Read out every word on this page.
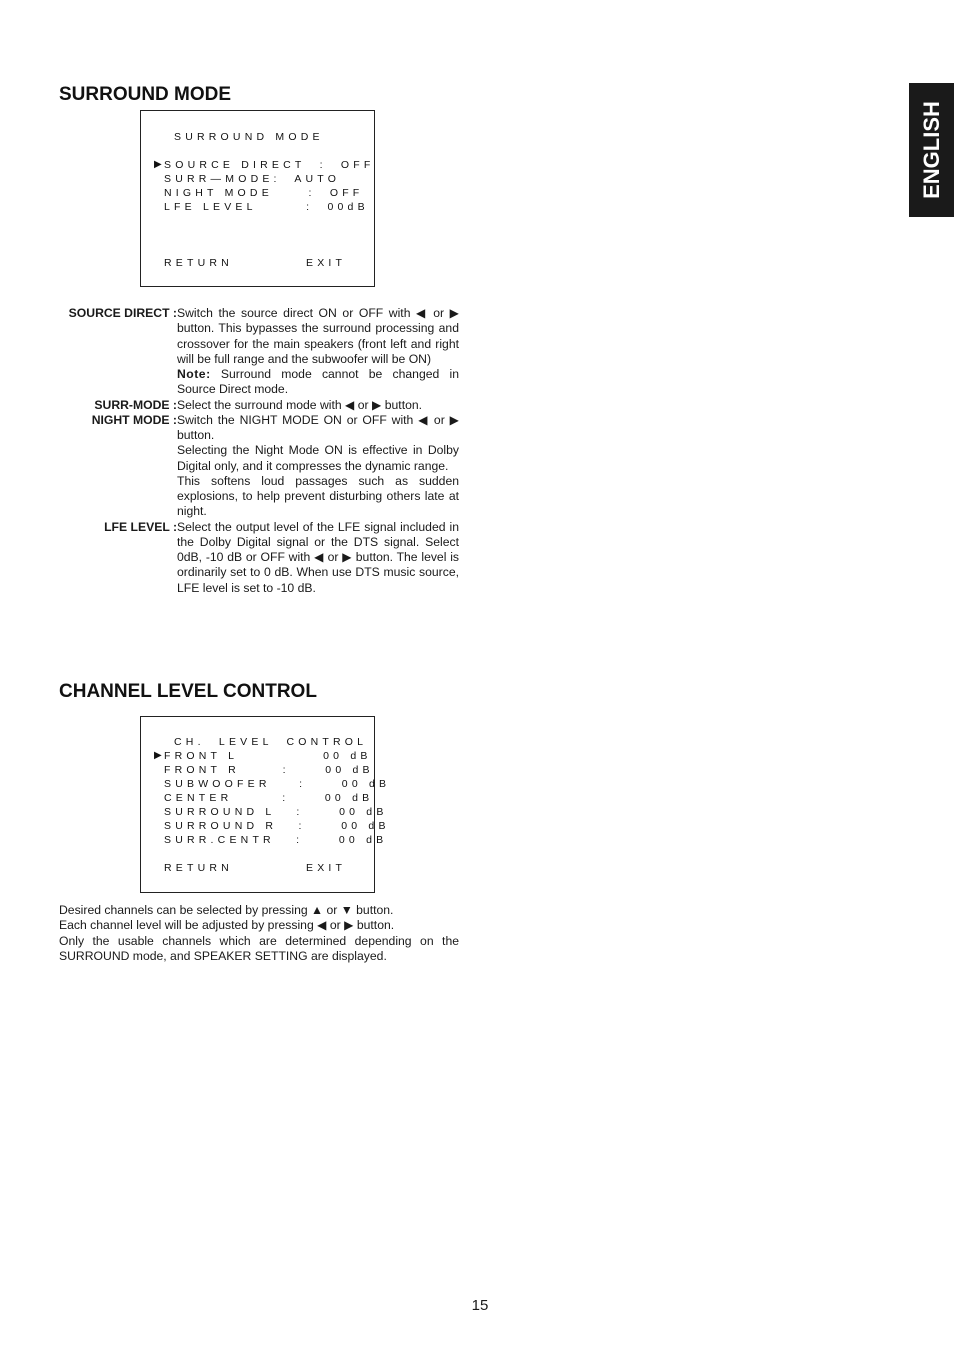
ENGLISH
SURROUND MODE
SURROUND MODE
▶ SOURCE DIRECT  :  OFF
SURR—MODE:  AUTO
NIGHT MODE     :  OFF
LFE LEVEL       :  00dB
RETURN	EXIT
SOURCE DIRECT : Switch the source direct ON or OFF with ◀ or ▶ button. This bypasses the surround processing and crossover for the main speakers (front left and right will be full range and the subwoofer will be ON)

Note: Surround mode cannot be changed in Source Direct mode.

SURR-MODE : Select the surround mode with ◀ or ▶ button.

NIGHT MODE : Switch the NIGHT MODE ON or OFF with ◀ or ▶ button.

Selecting the Night Mode ON is effective in Dolby Digital only, and it compresses the dynamic range.

This softens loud passages such as sudden explosions, to help prevent disturbing others late at night.

LFE LEVEL : Select the output level of the LFE signal included in the Dolby Digital signal or the DTS signal. Select 0dB, -10 dB or OFF with ◀ or ▶ button. The level is ordinarily set to 0 dB. When use DTS music source, LFE level is set to -10 dB.

CHANNEL LEVEL CONTROL
CH.  LEVEL  CONTROL
▶ FRONT L            00 dB
FRONT R      :     00 dB
SUBWOOFER    :     00 dB
CENTER       :     00 dB
SURROUND L   :     00 dB
SURROUND R   :     00 dB
SURR.CENTR   :     00 dB
RETURN	EXIT

Desired channels can be selected by pressing ▲ or ▼ button.

Each channel level will be adjusted by pressing ◀ or ▶ button.

Only the usable channels which are determined depending on the SURROUND mode, and SPEAKER SETTING are displayed.

15
